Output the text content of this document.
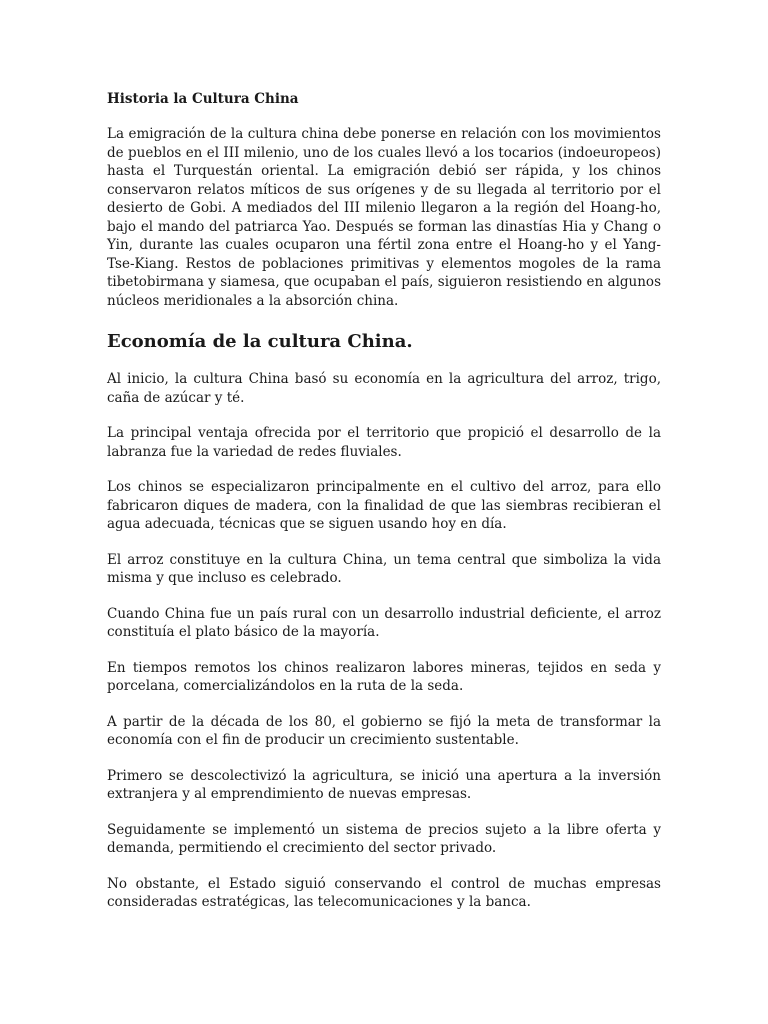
Historia la Cultura China

La emigración de la cultura china debe ponerse en relación con los movimientos de pueblos en el III milenio, uno de los cuales llevó a los tocarios (indoeuropeos) hasta el Turquestán oriental. La emigración debió ser rápida, y los chinos conservaron relatos míticos de sus orígenes y de su llegada al territorio por el desierto de Gobi. A mediados del III milenio llegaron a la región del Hoang-ho, bajo el mando del patriarca Yao. Después se forman las dinastías Hia y Chang o Yin, durante las cuales ocuparon una fértil zona entre el Hoang-ho y el Yang-Tse-Kiang. Restos de poblaciones primitivas y elementos mogoles de la rama tibetobirmana y siamesa, que ocupaban el país, siguieron resistiendo en algunos núcleos meridionales a la absorción china.

Economía de la cultura China.

Al inicio, la cultura China basó su economía en la agricultura del arroz, trigo, caña de azúcar y té.

La principal ventaja ofrecida por el territorio que propició el desarrollo de la labranza fue la variedad de redes fluviales.

Los chinos se especializaron principalmente en el cultivo del arroz, para ello fabricaron diques de madera, con la finalidad de que las siembras recibieran el agua adecuada, técnicas que se siguen usando hoy en día.

El arroz constituye en la cultura China, un tema central que simboliza la vida misma y que incluso es celebrado.

Cuando China fue un país rural con un desarrollo industrial deficiente, el arroz constituía el plato básico de la mayoría.

En tiempos remotos los chinos realizaron labores mineras, tejidos en seda y porcelana, comercializándolos en la ruta de la seda.

A partir de la década de los 80, el gobierno se fijó la meta de transformar la economía con el fin de producir un crecimiento sustentable.

Primero se descolectivizó la agricultura, se inició una apertura a la inversión extranjera y al emprendimiento de nuevas empresas.

Seguidamente se implementó un sistema de precios sujeto a la libre oferta y demanda, permitiendo el crecimiento del sector privado.

No obstante, el Estado siguió conservando el control de muchas empresas consideradas estratégicas, las telecomunicaciones y la banca.
